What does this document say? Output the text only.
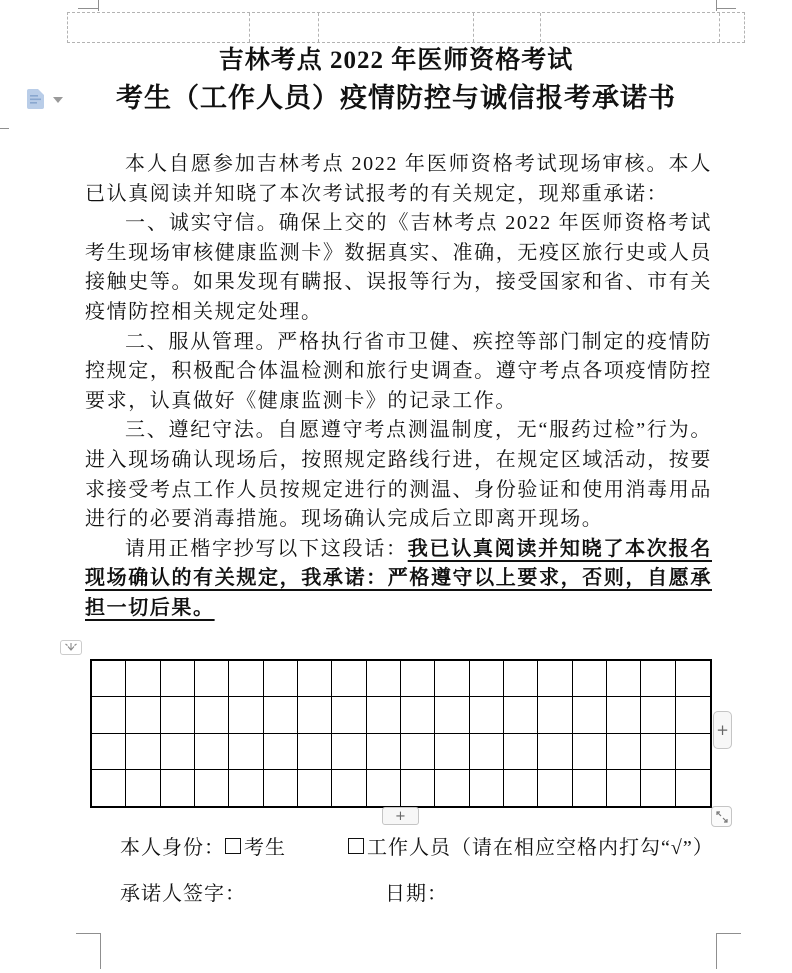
吉林考点 2022 年医师资格考试
考生（工作人员）疫情防控与诚信报考承诺书

本人自愿参加吉林考点 2022 年医师资格考试现场审核。本人已认真阅读并知晓了本次考试报考的有关规定，现郑重承诺：

一、诚实守信。确保上交的《吉林考点 2022 年医师资格考试考生现场审核健康监测卡》数据真实、准确，无疫区旅行史或人员接触史等。如果发现有瞒报、误报等行为，接受国家和省、市有关疫情防控相关规定处理。

二、服从管理。严格执行省市卫健、疾控等部门制定的疫情防控规定，积极配合体温检测和旅行史调查。遵守考点各项疫情防控要求，认真做好《健康监测卡》的记录工作。

三、遵纪守法。自愿遵守考点测温制度，无“服药过检”行为。进入现场确认现场后，按照规定路线行进，在规定区域活动，按要求接受考点工作人员按规定进行的测温、身份验证和使用消毒用品进行的必要消毒措施。现场确认完成后立即离开现场。

请用正楷字抄写以下这段话：我已认真阅读并知晓了本次报名现场确认的有关规定，我承诺：严格遵守以上要求，否则，自愿承担一切后果。

+
+
本人身份： 考生	工作人员 （请在相应空格内打勾“√”）
承诺人签字：	日期：
